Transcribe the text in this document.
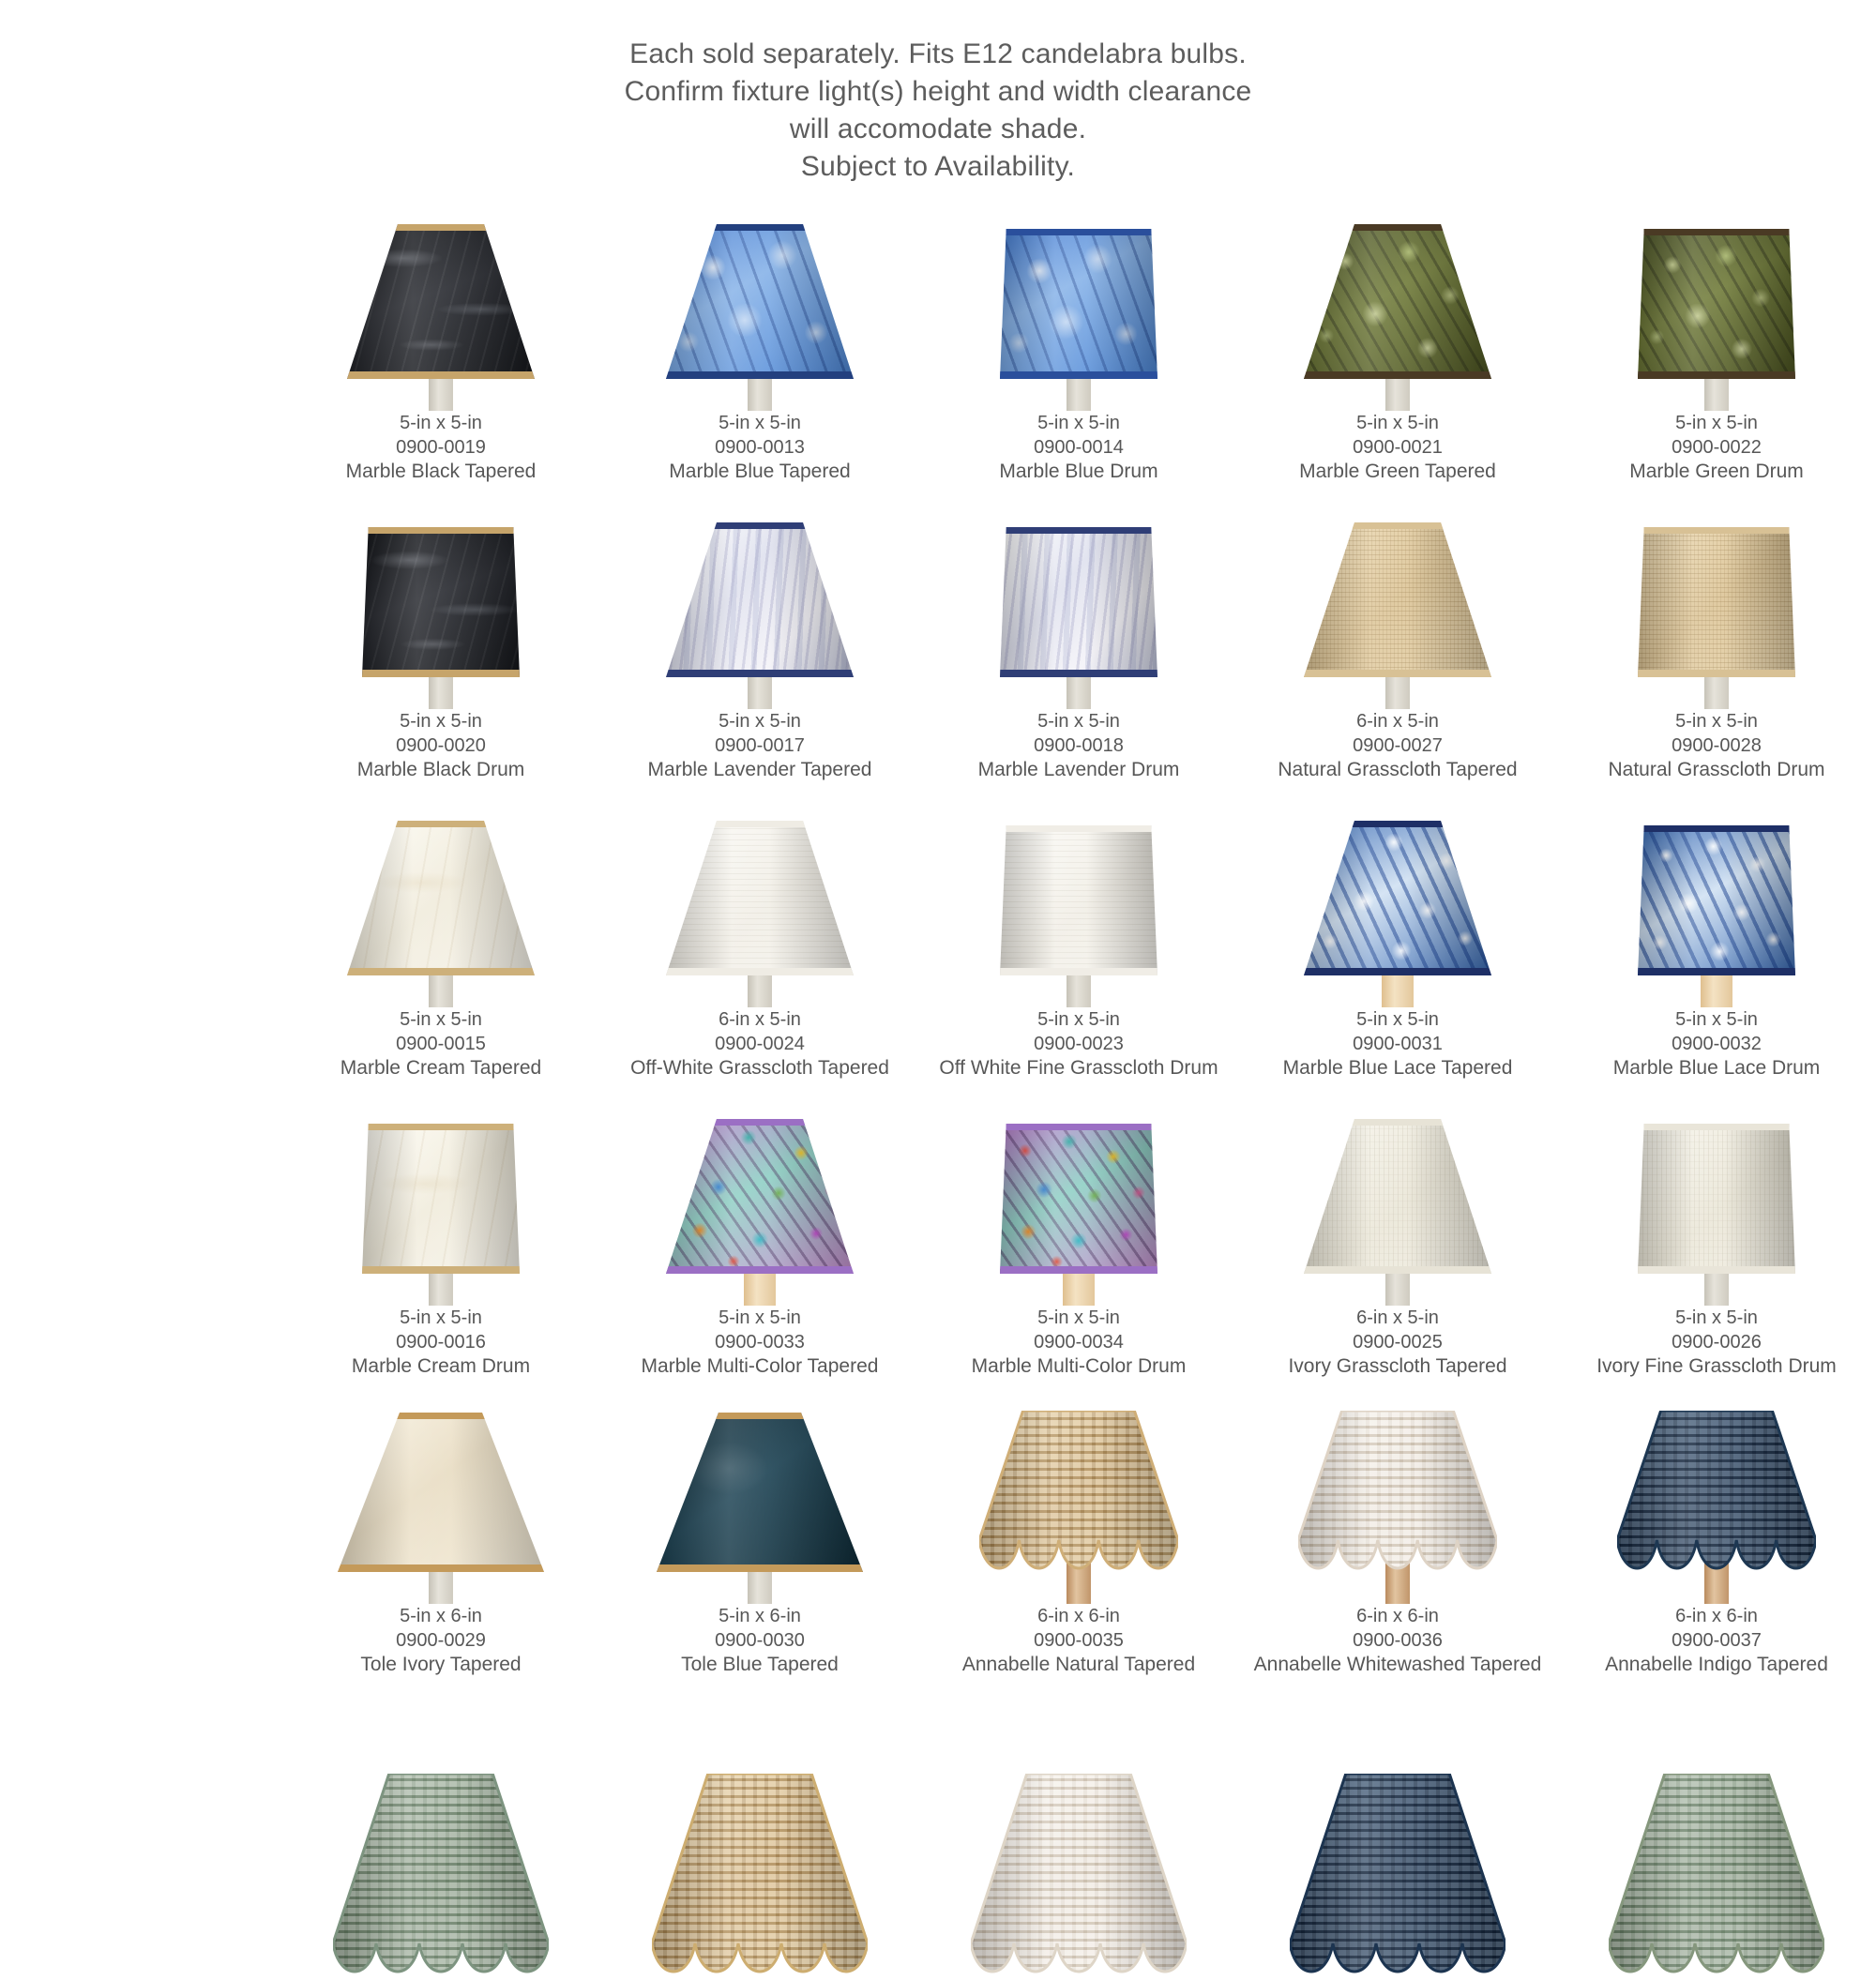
Each sold separately. Fits E12 candelabra bulbs.
Confirm fixture light(s) height and width clearance
will accomodate shade.
Subject to Availability.
5-in x 5-in
0900-0019
Marble Black Tapered
5-in x 5-in
0900-0013
Marble Blue Tapered
5-in x 5-in
0900-0014
Marble Blue Drum
5-in x 5-in
0900-0021
Marble Green Tapered
5-in x 5-in
0900-0022
Marble Green Drum
5-in x 5-in
0900-0020
Marble Black Drum
5-in x 5-in
0900-0017
Marble Lavender Tapered
5-in x 5-in
0900-0018
Marble Lavender Drum
6-in x 5-in
0900-0027
Natural Grasscloth Tapered
5-in x 5-in
0900-0028
Natural Grasscloth Drum
5-in x 5-in
0900-0015
Marble Cream Tapered
6-in x 5-in
0900-0024
Off-White Grasscloth Tapered
5-in x 5-in
0900-0023
Off White Fine Grasscloth Drum
5-in x 5-in
0900-0031
Marble Blue Lace Tapered
5-in x 5-in
0900-0032
Marble Blue Lace Drum
5-in x 5-in
0900-0016
Marble Cream Drum
5-in x 5-in
0900-0033
Marble Multi-Color Tapered
5-in x 5-in
0900-0034
Marble Multi-Color Drum
6-in x 5-in
0900-0025
Ivory Grasscloth Tapered
5-in x 5-in
0900-0026
Ivory Fine Grasscloth Drum
5-in x 6-in
0900-0029
Tole Ivory Tapered
5-in x 6-in
0900-0030
Tole Blue Tapered
6-in x 6-in
0900-0035
Annabelle Natural Tapered
6-in x 6-in
0900-0036
Annabelle Whitewashed Tapered
6-in x 6-in
0900-0037
Annabelle Indigo Tapered
